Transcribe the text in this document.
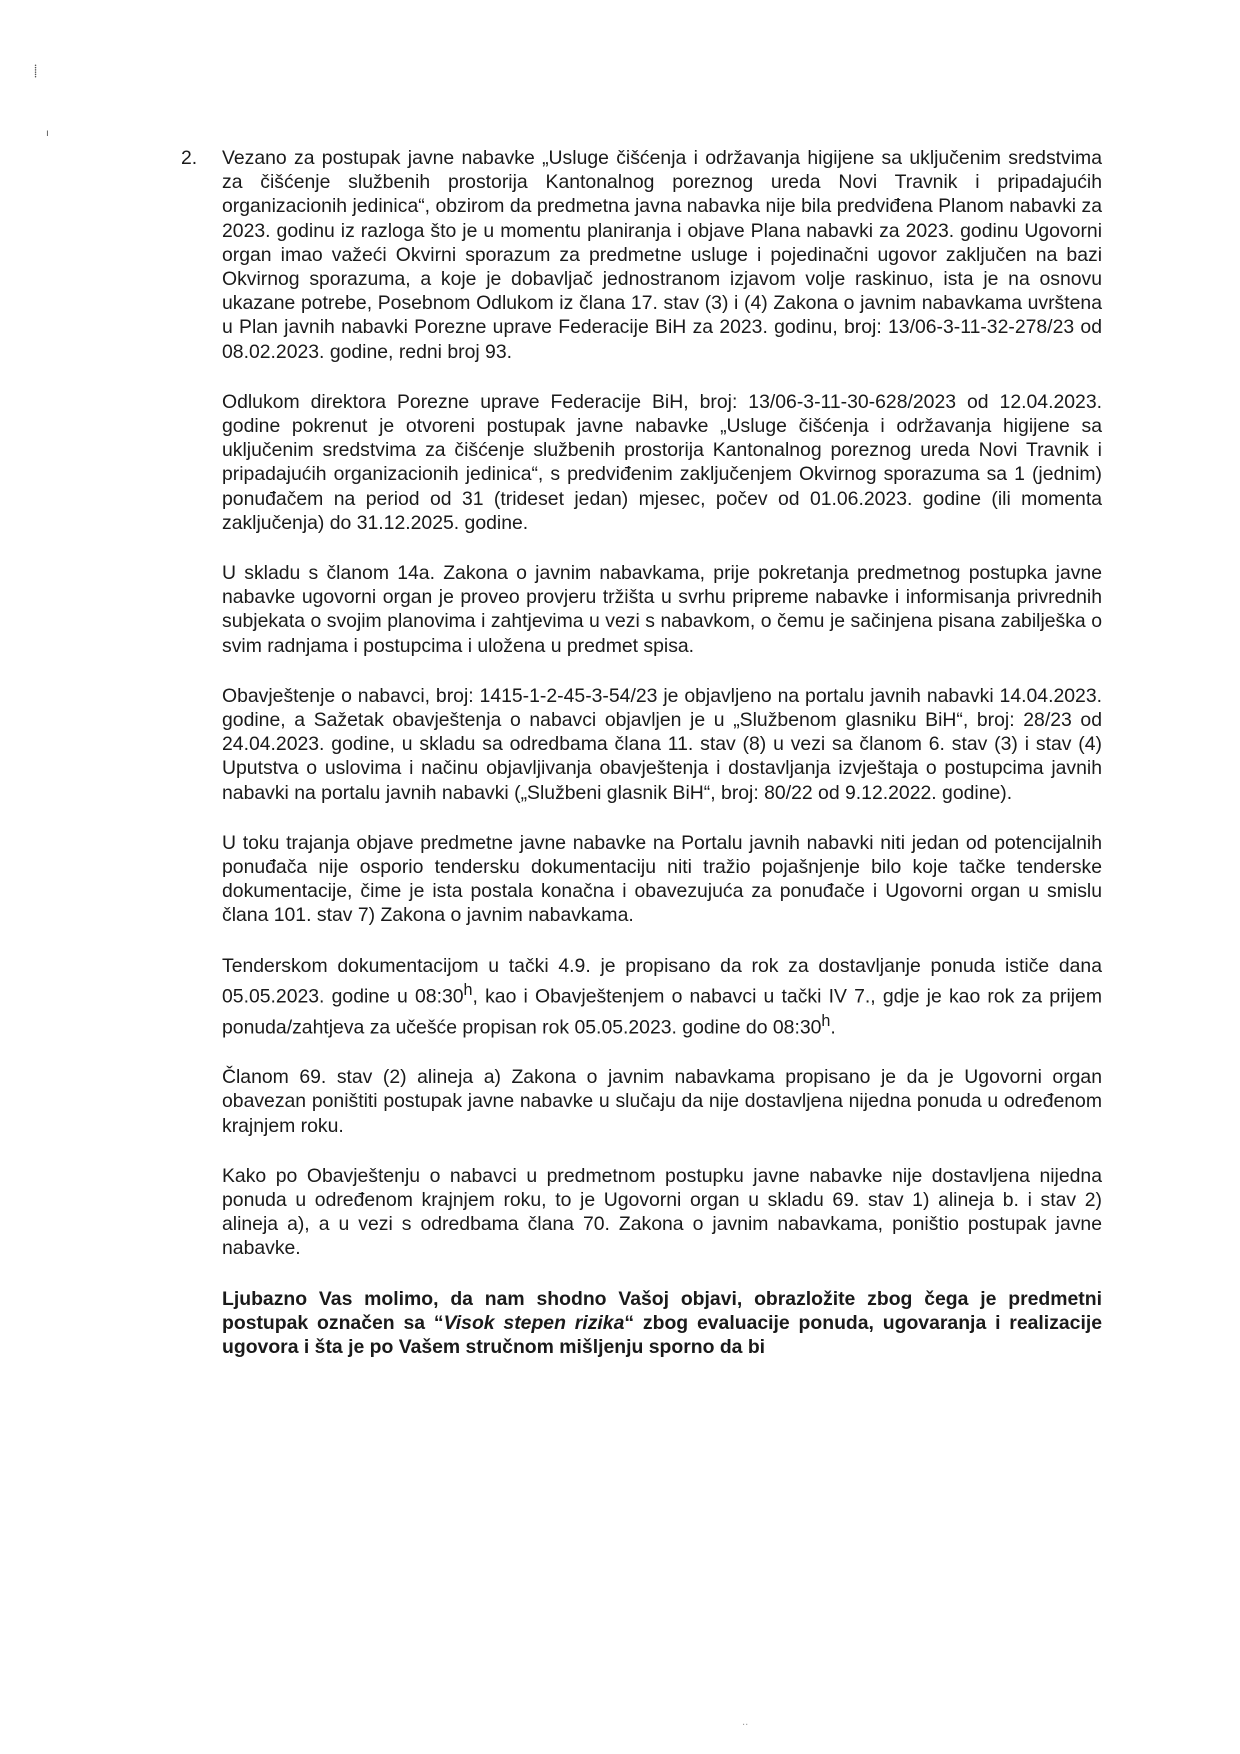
⸽
ı
··
2. Vezano za postupak javne nabavke „Usluge čišćenja i održavanja higijene sa uključenim sredstvima za čišćenje službenih prostorija Kantonalnog poreznog ureda Novi Travnik i pripadajućih organizacionih jedinica“, obzirom da predmetna javna nabavka nije bila predviđena Planom nabavki za 2023. godinu iz razloga što je u momentu planiranja i objave Plana nabavki za 2023. godinu Ugovorni organ imao važeći Okvirni sporazum za predmetne usluge i pojedinačni ugovor zaključen na bazi Okvirnog sporazuma, a koje je dobavljač jednostranom izjavom volje raskinuo, ista je na osnovu ukazane potrebe, Posebnom Odlukom iz člana 17. stav (3) i (4) Zakona o javnim nabavkama uvrštena u Plan javnih nabavki Porezne uprave Federacije BiH za 2023. godinu, broj: 13/06-3-11-32-278/23 od 08.02.2023. godine, redni broj 93.

Odlukom direktora Porezne uprave Federacije BiH, broj: 13/06-3-11-30-628/2023 od 12.04.2023. godine pokrenut je otvoreni postupak javne nabavke „Usluge čišćenja i održavanja higijene sa uključenim sredstvima za čišćenje službenih prostorija Kantonalnog poreznog ureda Novi Travnik i pripadajućih organizacionih jedinica“, s predviđenim zaključenjem Okvirnog sporazuma sa 1 (jednim) ponuđačem na period od 31 (trideset jedan) mjesec, počev od 01.06.2023. godine (ili momenta zaključenja) do 31.12.2025. godine.

U skladu s članom 14a. Zakona o javnim nabavkama, prije pokretanja predmetnog postupka javne nabavke ugovorni organ je proveo provjeru tržišta u svrhu pripreme nabavke i informisanja privrednih subjekata o svojim planovima i zahtjevima u vezi s nabavkom, o čemu je sačinjena pisana zabilješka o svim radnjama i postupcima i uložena u predmet spisa.

Obavještenje o nabavci, broj: 1415-1-2-45-3-54/23 je objavljeno na portalu javnih nabavki 14.04.2023. godine, a Sažetak obavještenja o nabavci objavljen je u „Službenom glasniku BiH“, broj: 28/23 od 24.04.2023. godine, u skladu sa odredbama člana 11. stav (8) u vezi sa članom 6. stav (3) i stav (4) Uputstva o uslovima i načinu objavljivanja obavještenja i dostavljanja izvještaja o postupcima javnih nabavki na portalu javnih nabavki („Službeni glasnik BiH“, broj: 80/22 od 9.12.2022. godine).

U toku trajanja objave predmetne javne nabavke na Portalu javnih nabavki niti jedan od potencijalnih ponuđača nije osporio tendersku dokumentaciju niti tražio pojašnjenje bilo koje tačke tenderske dokumentacije, čime je ista postala konačna i obavezujuća za ponuđače i Ugovorni organ u smislu člana 101. stav 7) Zakona o javnim nabavkama.

Tenderskom dokumentacijom u tački 4.9. je propisano da rok za dostavljanje ponuda ističe dana 05.05.2023. godine u 08:30$^h$, kao i Obavještenjem o nabavci u tački IV 7., gdje je kao rok za prijem ponuda/zahtjeva za učešće propisan rok 05.05.2023. godine do 08:30$^h$.

Članom 69. stav (2) alineja a) Zakona o javnim nabavkama propisano je da je Ugovorni organ obavezan poništiti postupak javne nabavke u slučaju da nije dostavljena nijedna ponuda u određenom krajnjem roku.

Kako po Obavještenju o nabavci u predmetnom postupku javne nabavke nije dostavljena nijedna ponuda u određenom krajnjem roku, to je Ugovorni organ u skladu 69. stav 1) alineja b. i stav 2) alineja a), a u vezi s odredbama člana 70. Zakona o javnim nabavkama, poništio postupak javne nabavke.

Ljubazno Vas molimo, da nam shodno Vašoj objavi, obrazložite zbog čega je predmetni postupak označen sa “Visok stepen rizika“ zbog evaluacije ponuda, ugovaranja i realizacije ugovora i šta je po Vašem stručnom mišljenju sporno da bi
